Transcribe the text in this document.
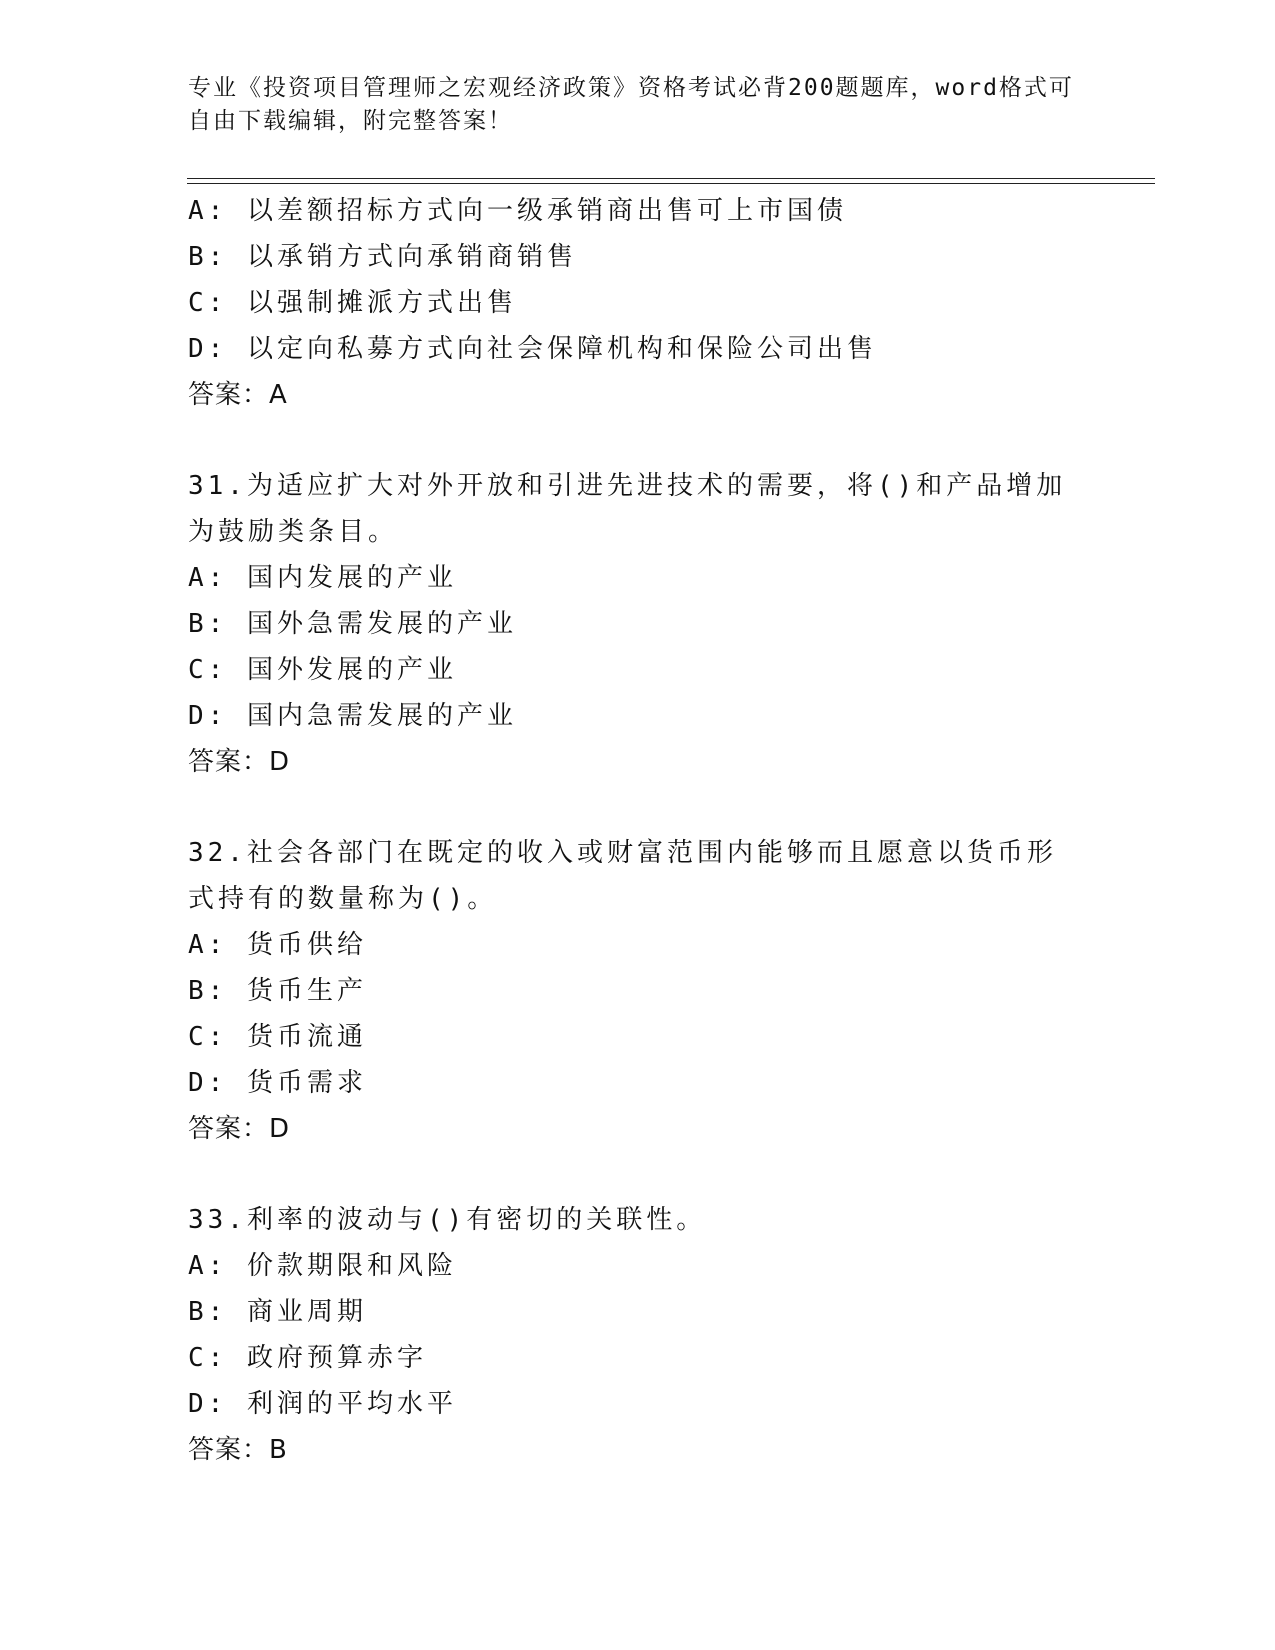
专业《投资项目管理师之宏观经济政策》资格考试必背200题题库，word格式可
自由下载编辑，附完整答案！
A: 以差额招标方式向一级承销商出售可上市国债
B: 以承销方式向承销商销售
C: 以强制摊派方式出售
D: 以定向私募方式向社会保障机构和保险公司出售
答案：A
31.为适应扩大对外开放和引进先进技术的需要，将()和产品增加为鼓励类条目。
A: 国内发展的产业
B: 国外急需发展的产业
C: 国外发展的产业
D: 国内急需发展的产业
答案：D
32.社会各部门在既定的收入或财富范围内能够而且愿意以货币形式持有的数量称为()。
A: 货币供给
B: 货币生产
C: 货币流通
D: 货币需求
答案：D
33.利率的波动与()有密切的关联性。
A: 价款期限和风险
B: 商业周期
C: 政府预算赤字
D: 利润的平均水平
答案：B
